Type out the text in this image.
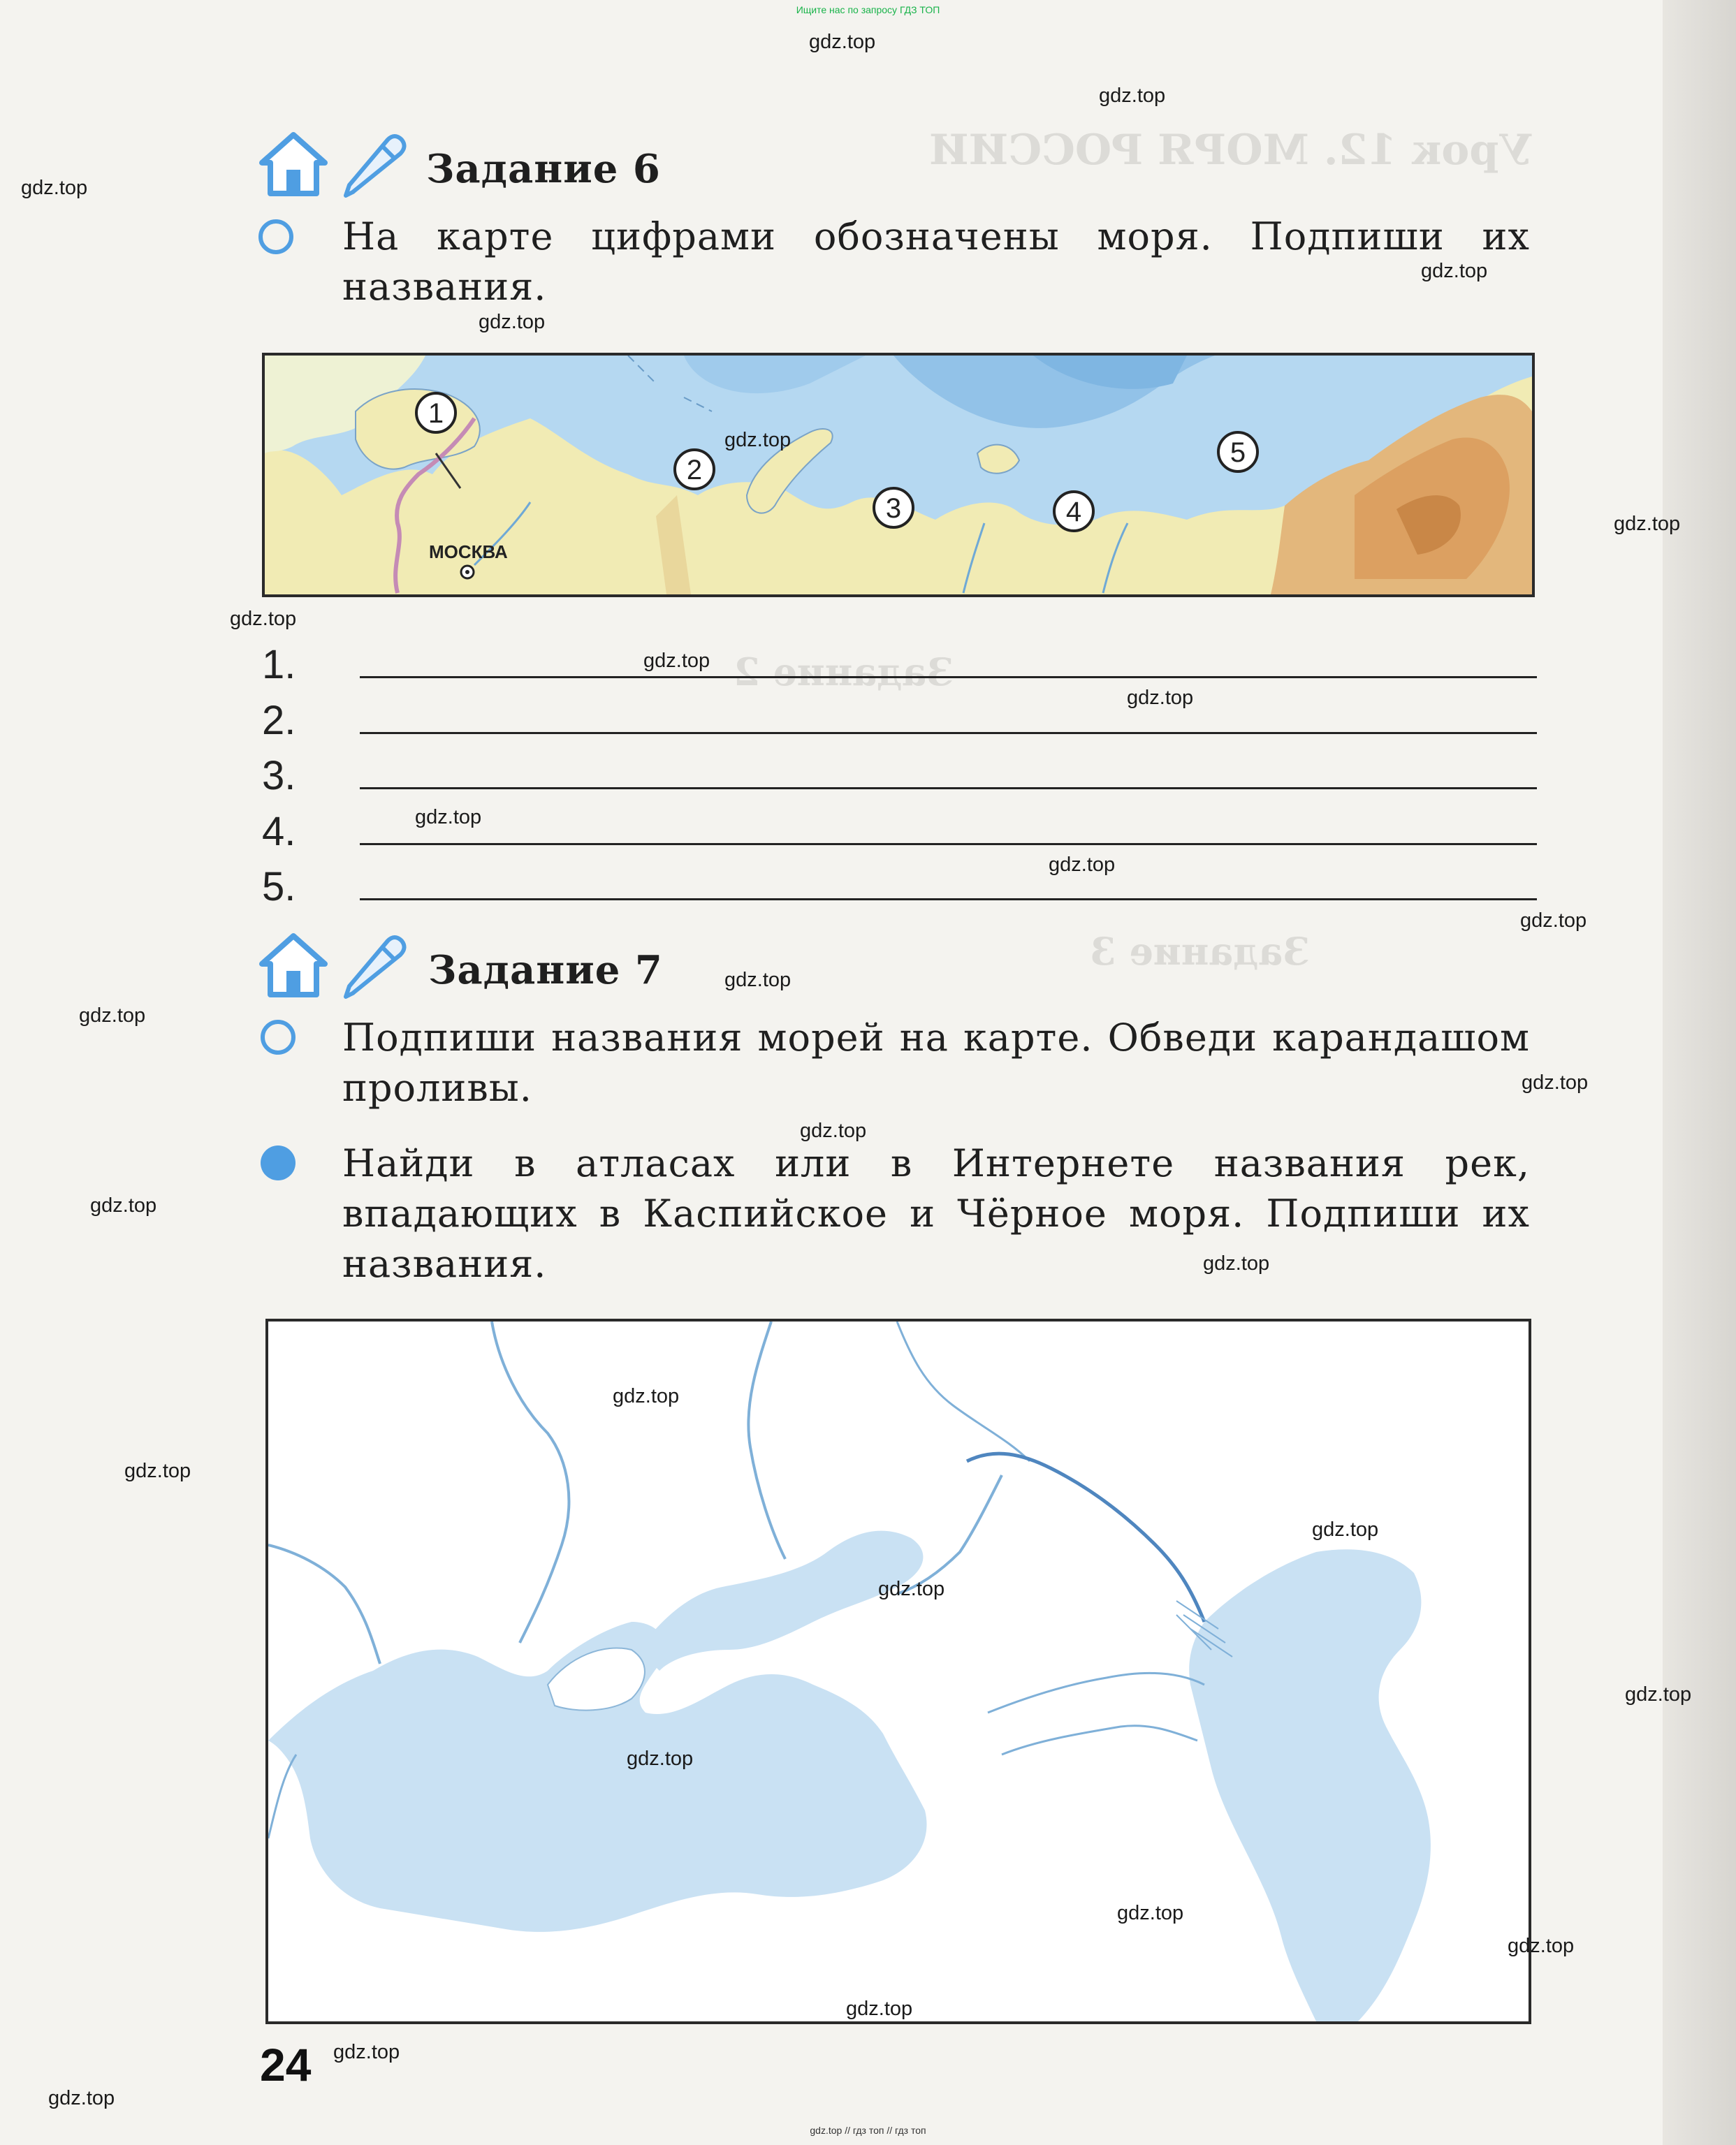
Урок 12. МОРЯ РОССИИ
Задание 2
Задание 3
Ищите нас по запросу ГДЗ ТОП
Задание 6
На карте цифрами обозначены моря. Подпиши их названия.
1
2
3	4
5
МОСКВА
1.
2.
3.
4.
5.
Задание 7
Подпиши названия морей на карте. Обведи карандашом проливы.
Найди в атласах или в Интернете названия рек, впадающих в Каспийское и Чёрное моря. Подпиши их названия.
24
gdz.top
gdz.top
gdz.top
gdz.top
gdz.top
gdz.top
gdz.top
gdz.top
gdz.top
gdz.top
gdz.top
gdz.top
gdz.top
gdz.top
gdz.top
gdz.top
gdz.top
gdz.top
gdz.top
gdz.top
gdz.top
gdz.top
gdz.top
gdz.top
gdz.top
gdz.top
gdz.top
gdz.top
gdz.top
gdz.top
gdz.top // гдз топ // гдз топ
